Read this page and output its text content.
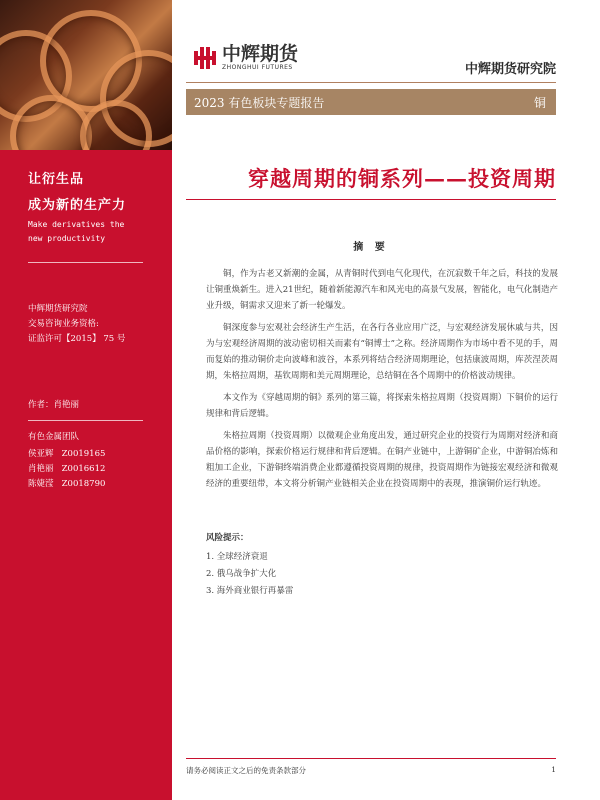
让衍生品
成为新的生产力
Make derivatives the
new productivity
中辉期货研究院
交易咨询业务资格:
证监许可【2015】 75 号
作者：肖艳丽
有色金属团队
侯亚辉 Z0019165
肖艳丽 Z0016612
陈婕滢 Z0018790
中辉期货
ZHONGHUI FUTURES	中辉期货研究院
2023 有色板块专题报告	铜
穿越周期的铜系列——投资周期
摘 要

铜，作为古老又新潮的金属，从青铜时代到电气化现代，在沉寂数千年之后，科技的发展让铜重焕新生。进入21世纪，随着新能源汽车和风光电的高景气发展，智能化，电气化制造产业升级，铜需求又迎来了新一轮爆发。

铜深度参与宏观社会经济生产生活，在各行各业应用广泛，与宏观经济发展休戚与共，因为与宏观经济周期的波动密切相关而素有“铜博士”之称。经济周期作为市场中看不见的手，周而复始的推动铜价走向波峰和波谷，本系列将结合经济周期理论，包括康波周期，库茨涅茨周期，朱格拉周期，基钦周期和美元周期理论，总结铜在各个周期中的价格波动规律。

本文作为《穿越周期的铜》系列的第三篇，将探索朱格拉周期（投资周期）下铜价的运行规律和背后逻辑。

朱格拉周期（投资周期）以微观企业角度出发，通过研究企业的投资行为周期对经济和商品价格的影响，探索价格运行规律和背后逻辑。在铜产业链中，上游铜矿企业，中游铜冶炼和粗加工企业，下游铜终端消费企业都遵循投资周期的规律，投资周期作为链接宏观经济和微观经济的重要纽带，本文将分析铜产业链相关企业在投资周期中的表现，推演铜价运行轨迹。

风险提示：
1. 全球经济衰退
2. 俄乌战争扩大化
3. 海外商业银行再暴雷
请务必阅读正文之后的免责条款部分	1
